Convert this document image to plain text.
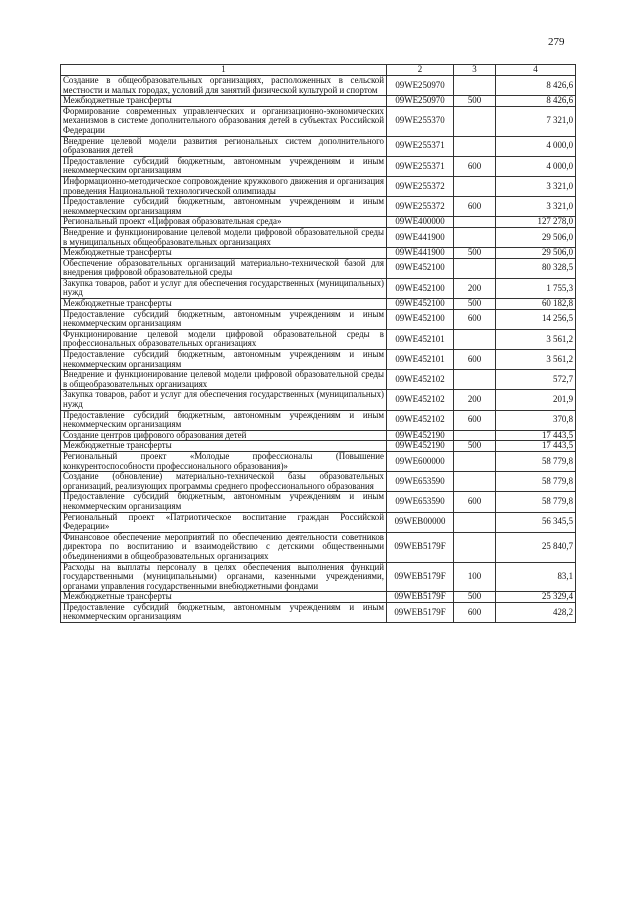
279
1	2	3	4
Создание в общеобразовательных организациях, расположенных в сельской местности и малых городах, условий для занятий физической культурой и спортом	09WE250970		8 426,6
Межбюджетные трансферты	09WE250970	500	8 426,6
Формирование современных управленческих и организационно-экономических механизмов в системе дополнительного образования детей в субъектах Российской Федерации	09WE255370		7 321,0
Внедрение целевой модели развития региональных систем дополнительного образования детей	09WE255371		4 000,0
Предоставление субсидий бюджетным, автономным учреждениям и иным некоммерческим организациям	09WE255371	600	4 000,0
Информационно-методическое сопровождение кружкового движения и организация проведения Национальной технологической олимпиады	09WE255372		3 321,0
Предоставление субсидий бюджетным, автономным учреждениям и иным некоммерческим организациям	09WE255372	600	3 321,0
Региональный проект «Цифровая образовательная среда»	09WE400000		127 278,0
Внедрение и функционирование целевой модели цифровой образовательной среды в муниципальных общеобразовательных организациях	09WE441900		29 506,0
Межбюджетные трансферты	09WE441900	500	29 506,0
Обеспечение образовательных организаций материально-технической базой для внедрения цифровой образовательной среды	09WE452100		80 328,5
Закупка товаров, работ и услуг для обеспечения государственных (муниципальных) нужд	09WE452100	200	1 755,3
Межбюджетные трансферты	09WE452100	500	60 182,8
Предоставление субсидий бюджетным, автономным учреждениям и иным некоммерческим организациям	09WE452100	600	14 256,5
Функционирование целевой модели цифровой образовательной среды в профессиональных образовательных организациях	09WE452101		3 561,2
Предоставление субсидий бюджетным, автономным учреждениям и иным некоммерческим организациям	09WE452101	600	3 561,2
Внедрение и функционирование целевой модели цифровой образовательной среды в общеобразовательных организациях	09WE452102		572,7
Закупка товаров, работ и услуг для обеспечения государственных (муниципальных) нужд	09WE452102	200	201,9
Предоставление субсидий бюджетным, автономным учреждениям и иным некоммерческим организациям	09WE452102	600	370,8
Создание центров цифрового образования детей	09WE452190		17 443,5
Межбюджетные трансферты	09WE452190	500	17 443,5
Региональный проект «Молодые профессионалы (Повышение конкурентоспособности профессионального образования)»	09WE600000		58 779,8
Создание (обновление) материально-технической базы образовательных организаций, реализующих программы среднего профессионального образования	09WE653590		58 779,8
Предоставление субсидий бюджетным, автономным учреждениям и иным некоммерческим организациям	09WE653590	600	58 779,8
Региональный проект «Патриотическое воспитание граждан Российской Федерации»	09WEB00000		56 345,5
Финансовое обеспечение мероприятий по обеспечению деятельности советников директора по воспитанию и взаимодействию с детскими общественными объединениями в общеобразовательных организациях	09WEB5179F		25 840,7
Расходы на выплаты персоналу в целях обеспечения выполнения функций государственными (муниципальными) органами, казенными учреждениями, органами управления государственными внебюджетными фондами	09WEB5179F	100	83,1
Межбюджетные трансферты	09WEB5179F	500	25 329,4
Предоставление субсидий бюджетным, автономным учреждениям и иным некоммерческим организациям	09WEB5179F	600	428,2
